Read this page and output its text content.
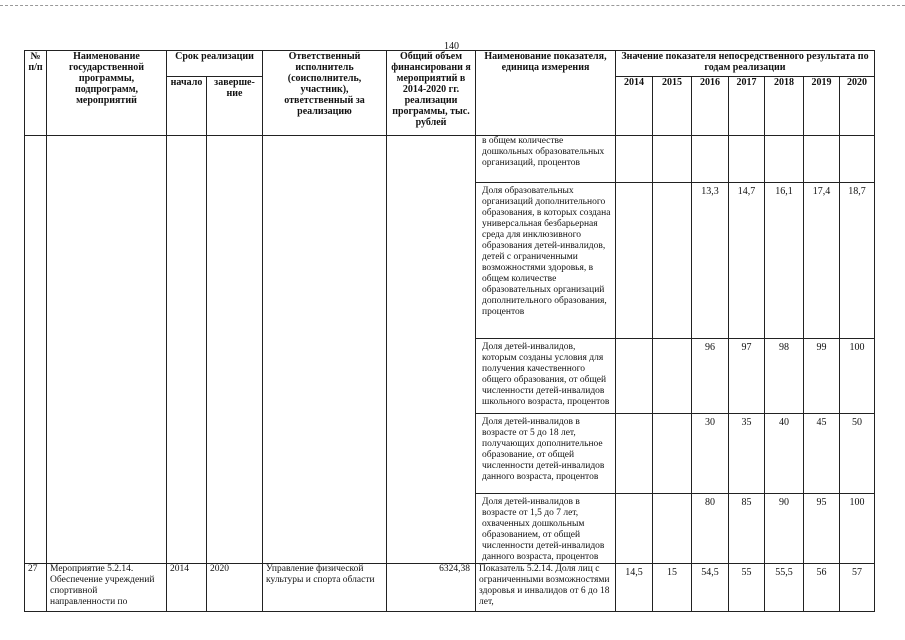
140
№ п/п	Наименование государственной программы, подпрограмм, мероприятий	Срок реализации		Ответственный исполнитель (соисполнитель, участник), ответственный за реализацию	Общий объем финансировани я мероприятий в 2014-2020 гг. реализации программы, тыс. рублей	Наименование показателя, единица измерения	Значение показателя непосредственного результата по годам реализации						
		начало	заверше-ние				2014	2015	2016	2017	2018	2019	2020
						в общем количестве дошкольных образовательных организаций, процентов							
						Доля образовательных организаций дополнительного образования, в которых создана универсальная безбарьерная среда для инклюзивного образования детей-инвалидов, детей с ограниченными возможностями здоровья, в общем количестве образовательных организаций дополнительного образования, процентов			13,3	14,7	16,1	17,4	18,7
						Доля детей-инвалидов, которым созданы условия для получения качественного общего образования, от общей численности детей-инвалидов школьного возраста, процентов			96	97	98	99	100
						Доля детей-инвалидов в возрасте от 5 до 18 лет, получающих дополнительное образование, от общей численности детей-инвалидов данного возраста, процентов			30	35	40	45	50
						Доля детей-инвалидов в возрасте от 1,5 до 7 лет, охваченных дошкольным образованием, от общей численности детей-инвалидов данного возраста, процентов			80	85	90	95	100
27	Мероприятие 5.2.14. Обеспечение учреждений спортивной направленности по	2014	2020	Управление физической культуры и спорта области	6324,38	Показатель 5.2.14. Доля лиц с ограниченными возможностями здоровья и инвалидов от 6 до 18 лет,	14,5	15	54,5	55	55,5	56	57
